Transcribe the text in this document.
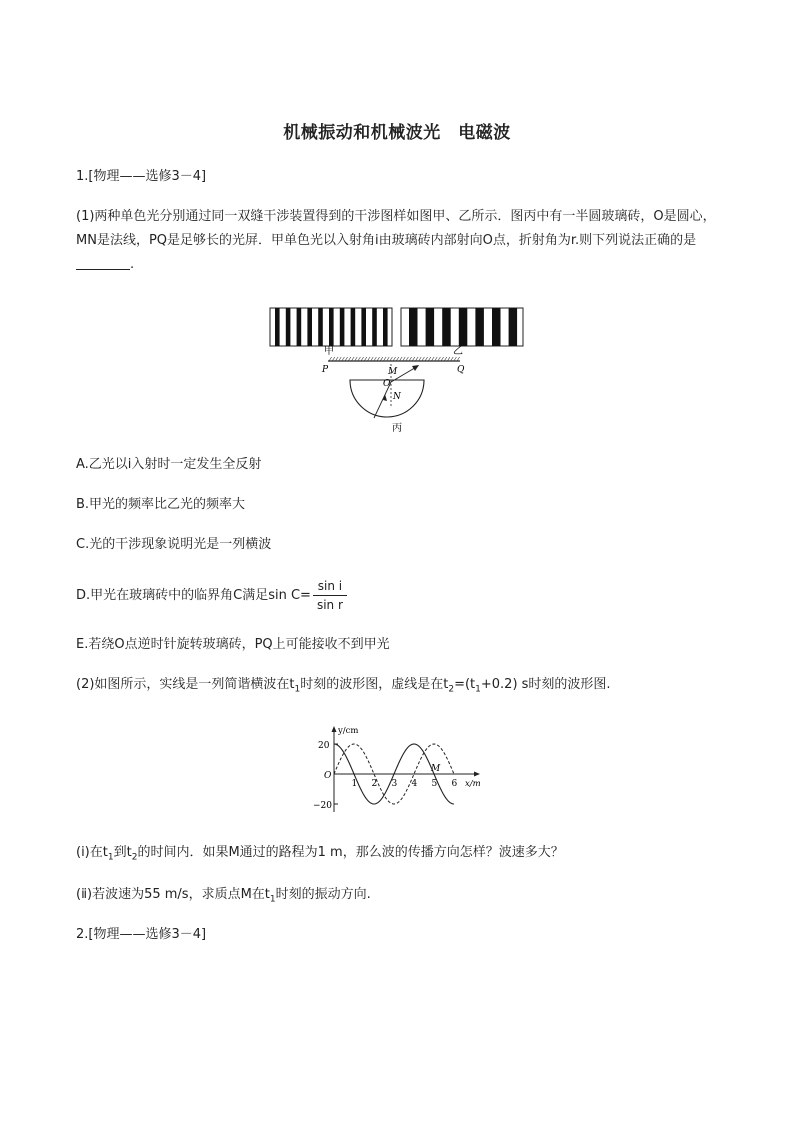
机械振动和机械波光　电磁波
1.[物理——选修3－4]
(1)两种单色光分别通过同一双缝干涉装置得到的干涉图样如图甲、乙所示．图丙中有一半圆玻璃砖，O是圆心，MN是法线，PQ是足够长的光屏．甲单色光以入射角i由玻璃砖内部射向O点，折射角为r.则下列说法正确的是.
甲	乙
P	Q
M
O
N
丙
A.乙光以i入射时一定发生全反射
B.甲光的频率比乙光的频率大
C.光的干涉现象说明光是一列横波
D.甲光在玻璃砖中的临界角C满足$\sin C= \frac{\text{sin i}}{\text{sin r}}$
E.若绕O点逆时针旋转玻璃砖，PQ上可能接收不到甲光
(2)如图所示，实线是一列简谐横波在$t_1$时刻的波形图，虚线是在$t_2=(t_1+0.2)$ s时刻的波形图.
1 2 3 4 5 6
y/cm
x/m
O
20
−20
M
(ⅰ)在$t_1$到$t_2$的时间内．如果M通过的路程为1 m，那么波的传播方向怎样？波速多大？
(ⅱ)若波速为55 m/s，求质点M在$t_1$时刻的振动方向.
2.[物理——选修3－4]
